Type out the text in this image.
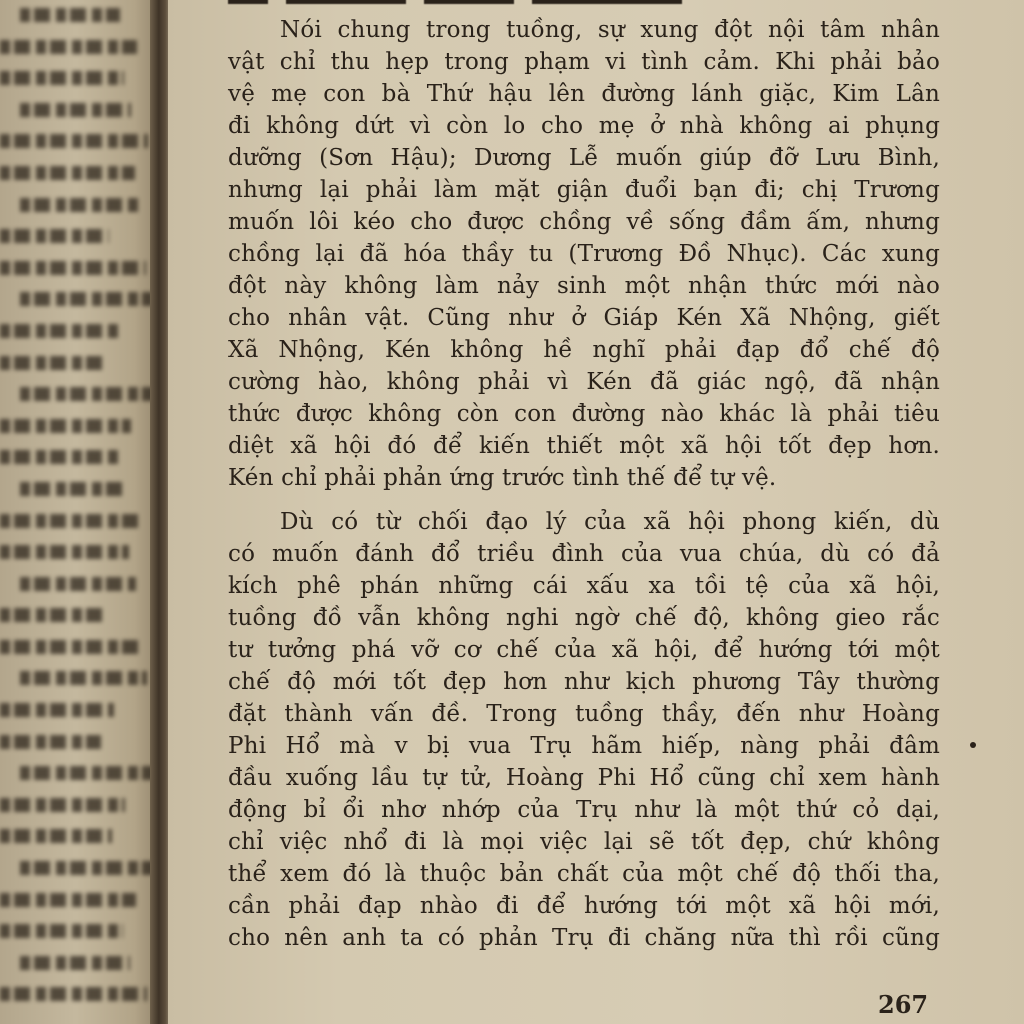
Nói chung trong tuồng, sự xung đột nội tâm nhân
vật chỉ thu hẹp trong phạm vi tình cảm. Khi phải bảo
vệ mẹ con bà Thứ hậu lên đường lánh giặc, Kim Lân
đi không dứt vì còn lo cho mẹ ở nhà không ai phụng
dưỡng (Sơn Hậu); Dương Lễ muốn giúp đỡ Lưu Bình,
nhưng lại phải làm mặt giận đuổi bạn đi; chị Trương
muốn lôi kéo cho được chồng về sống đầm ấm, nhưng
chồng lại đã hóa thầy tu (Trương Đồ Nhục). Các xung
đột này không làm nảy sinh một nhận thức mới nào
cho nhân vật. Cũng như ở Giáp Kén Xã Nhộng, giết
Xã Nhộng, Kén không hề nghĩ phải đạp đổ chế độ
cường hào, không phải vì Kén đã giác ngộ, đã nhận
thức được không còn con đường nào khác là phải tiêu
diệt xã hội đó để kiến thiết một xã hội tốt đẹp hơn.
Kén chỉ phải phản ứng trước tình thế để tự vệ.
Dù có từ chối đạo lý của xã hội phong kiến, dù
có muốn đánh đổ triều đình của vua chúa, dù có đả
kích phê phán những cái xấu xa tồi tệ của xã hội,
tuồng đồ vẫn không nghi ngờ chế độ, không gieo rắc
tư tưởng phá vỡ cơ chế của xã hội, để hướng tới một
chế độ mới tốt đẹp hơn như kịch phương Tây thường
đặt thành vấn đề. Trong tuồng thầy, đến như Hoàng
Phi Hổ mà v bị vua Trụ hãm hiếp, nàng phải đâm
đầu xuống lầu tự tử, Hoàng Phi Hổ cũng chỉ xem hành
động bỉ ổi nhơ nhớp của Trụ như là một thứ cỏ dại,
chỉ việc nhổ đi là mọi việc lại sẽ tốt đẹp, chứ không
thể xem đó là thuộc bản chất của một chế độ thối tha,
cần phải đạp nhào đi để hướng tới một xã hội mới,
cho nên anh ta có phản Trụ đi chăng nữa thì rồi cũng
267
